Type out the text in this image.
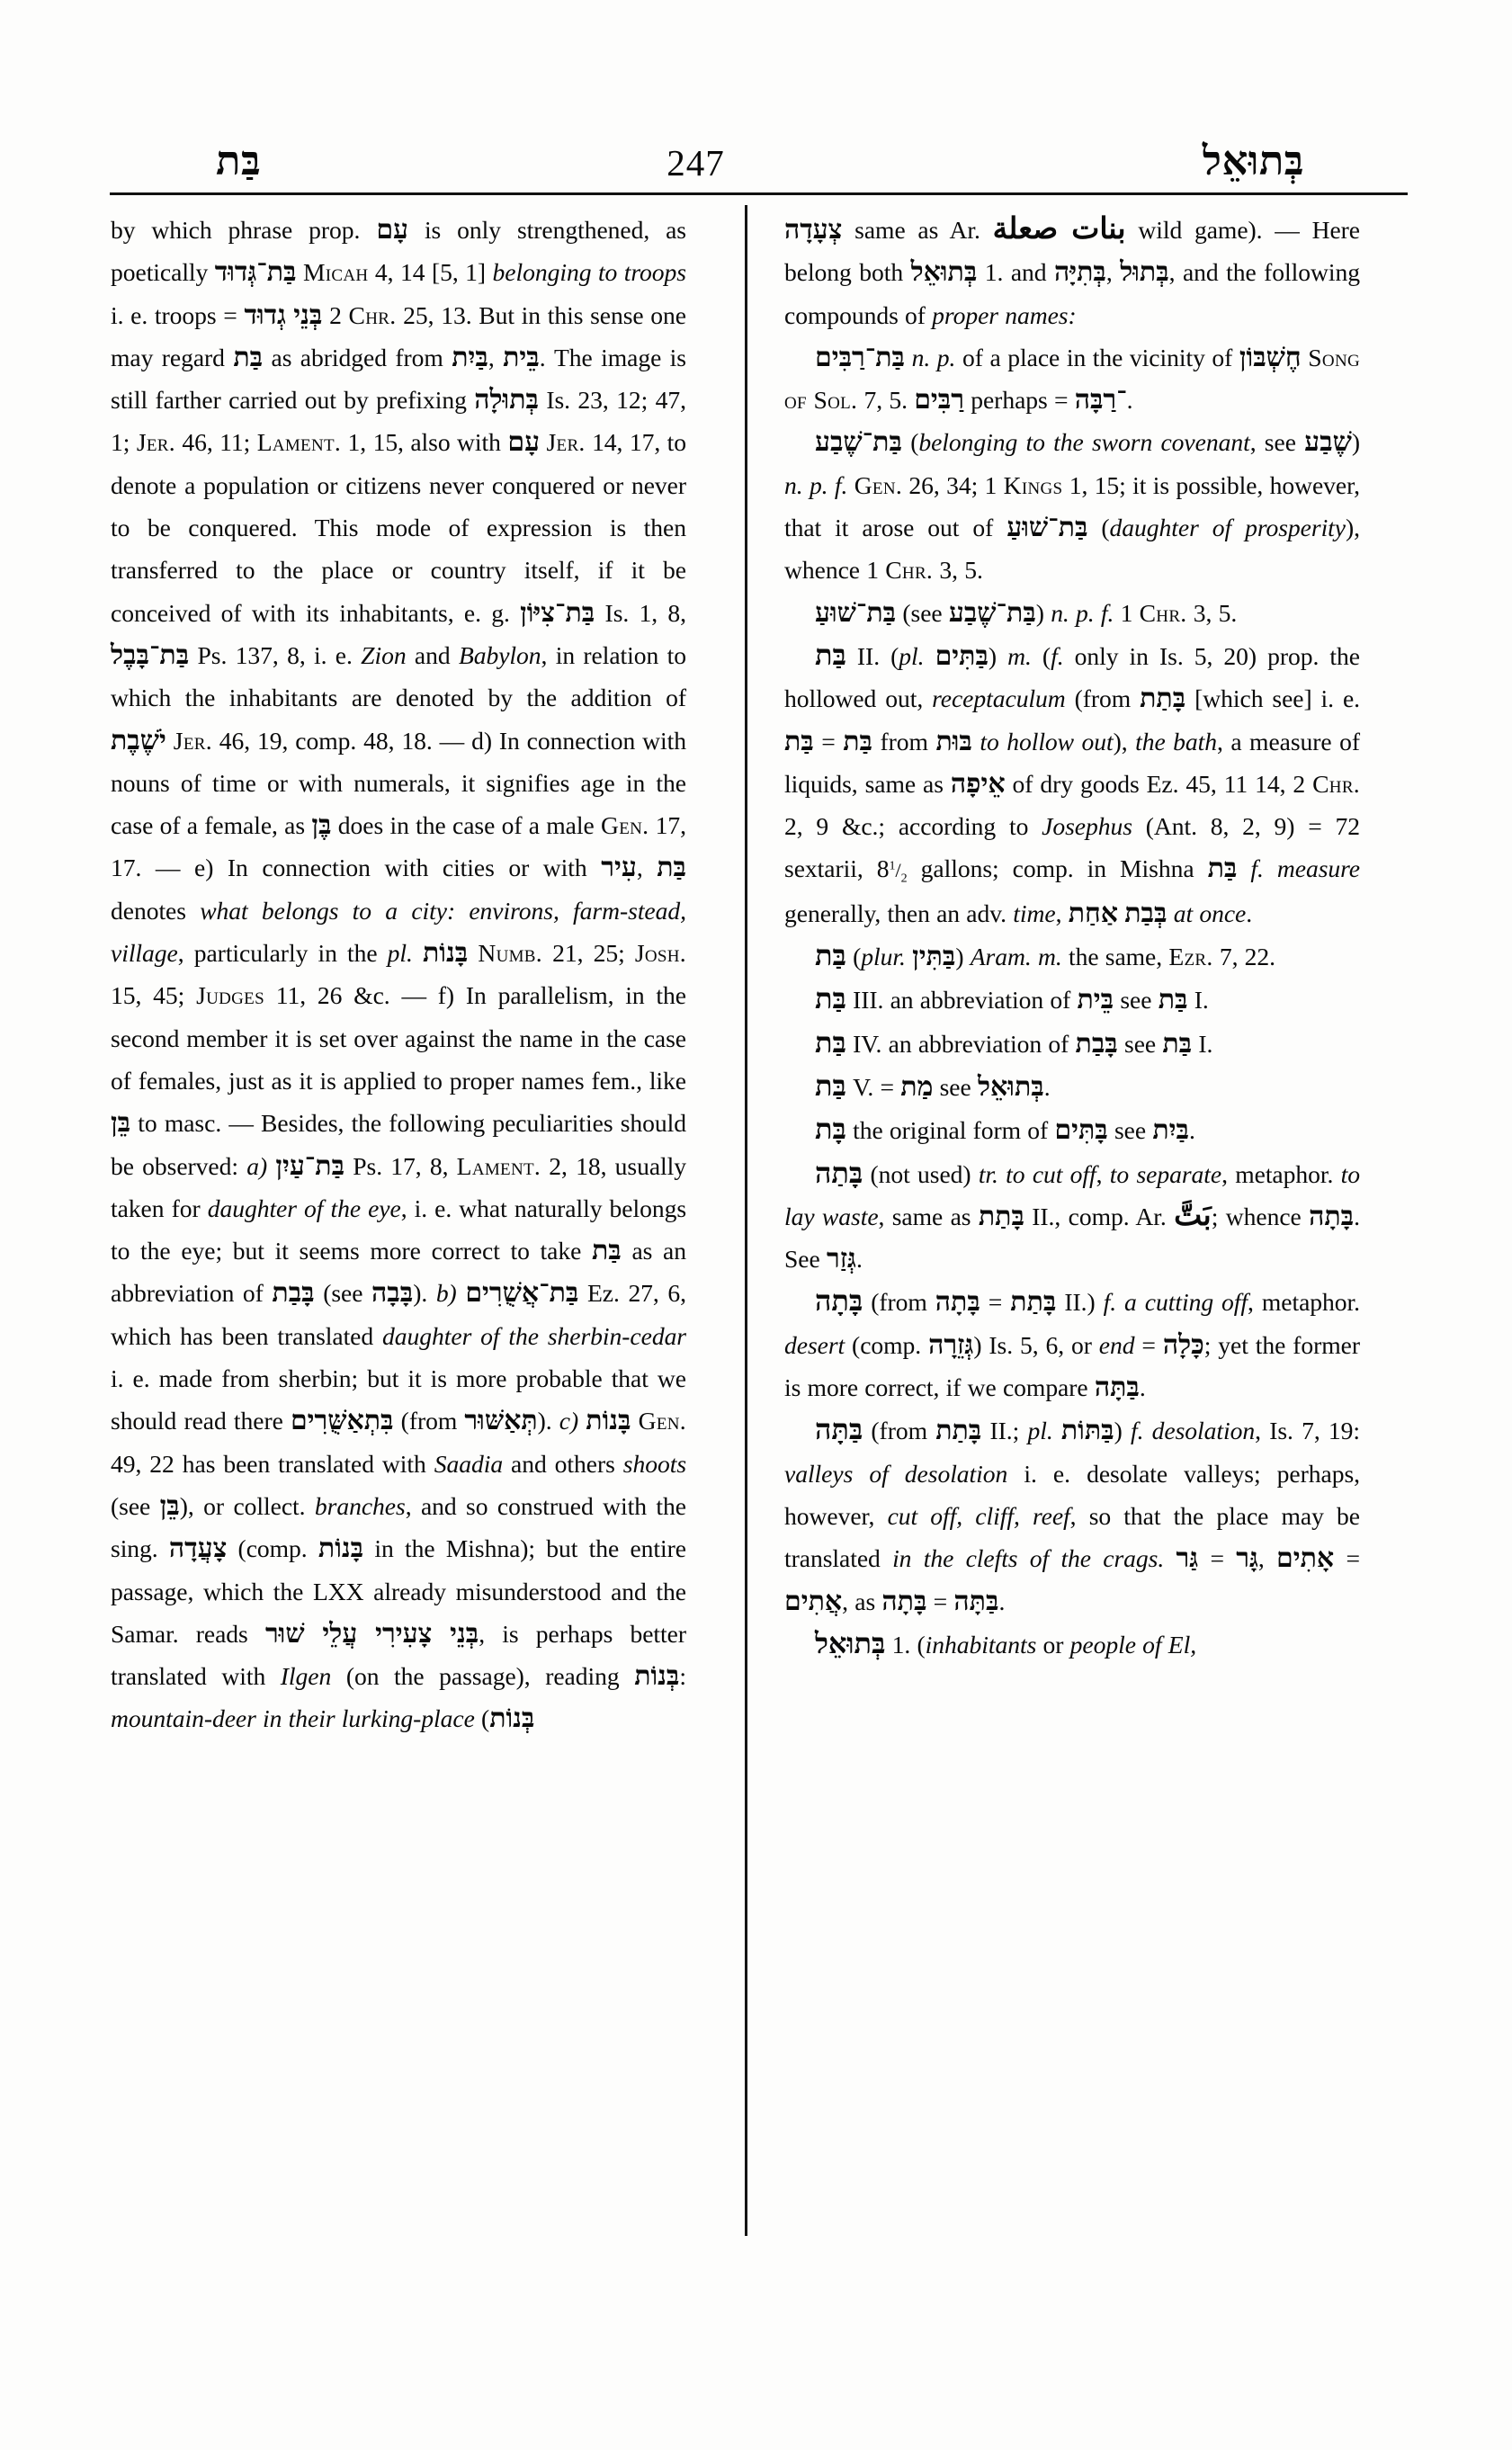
בַּת	247	בְּתוּאֵל

by which phrase prop. עָם is only strengthened, as poetically בַּת־גְּדוּד Micah 4, 14 [5, 1] belonging to troops i. e. troops = בְּנֵי גְדוּד 2 Chr. 25, 13. But in this sense one may regard בַּת as abridged from בַּיִת, בֵּית. The image is still farther carried out by prefixing בְּתוּלָה Is. 23, 12; 47, 1; Jer. 46, 11; Lament. 1, 15, also with עָם Jer. 14, 17, to denote a population or citizens never conquered or never to be conquered. This mode of expression is then transferred to the place or country itself, if it be conceived of with its inhabitants, e. g. בַּת־צִיּוֹן Is. 1, 8, בַּת־בָּבֶל Ps. 137, 8, i. e. Zion and Babylon, in relation to which the inhabitants are denoted by the addition of יֹשֶׁבֶת Jer. 46, 19, comp. 48, 18. — d) In connection with nouns of time or with numerals, it signifies age in the case of a female, as בֶּן does in the case of a male Gen. 17, 17. — e) In connection with cities or with עִיר, בַּת denotes what belongs to a city: environs, farm-stead, village, particularly in the pl. בָּנוֹת Numb. 21, 25; Josh. 15, 45; Judges 11, 26 &c. — f) In parallelism, in the second member it is set over against the name in the case of females, just as it is applied to proper names fem., like בֵּן to masc. — Besides, the following peculiarities should be observed: a) בַּת־עַיִן Ps. 17, 8, Lament. 2, 18, usually taken for daughter of the eye, i. e. what naturally belongs to the eye; but it seems more correct to take בַּת as an abbreviation of בָּבַת (see בָּבָה). b) בַּת־אֲשֻׁרִים Ez. 27, 6, which has been translated daughter of the sherbin-cedar i. e. made from sherbin; but it is more probable that we should read there בִּתְאַשֻּׁרִים (from תְּאַשּׁוּר). c) בָּנוֹת Gen. 49, 22 has been translated with Saadia and others shoots (see בֵּן), or collect. branches, and so construed with the sing. צָעֲדָה (comp. בָּנוֹת in the Mishna); but the entire passage, which the LXX already misunderstood and the Samar. reads בְּנֵי צָעִירִי עֲלֵי שׁוּר, is perhaps better translated with Ilgen (on the passage), reading בְּנוֹת: mountain-deer in their lurking-place (בְּנוֹת

צְעָדָה same as Ar. بنات صعلة wild game). — Here belong both בְּתוּאֵל 1. and בְּתִיָּה, בְּתוּל, and the following compounds of proper names:

בַּת־רַבִּים n. p. of a place in the vicinity of חֶשְׁבּוֹן Song of Sol. 7, 5. רַבִּים perhaps = ־רַבָּה.

בַּת־שֶׁבַע (belonging to the sworn covenant, see שֶׁבַע) n. p. f. Gen. 26, 34; 1 Kings 1, 15; it is possible, however, that it arose out of בַּת־שׁוּעַ (daughter of prosperity), whence 1 Chr. 3, 5.

בַּת־שׁוּעַ (see בַּת־שֶׁבַע) n. p. f. 1 Chr. 3, 5.

בַּת II. (pl. בַּתִּים) m. (f. only in Is. 5, 20) prop. the hollowed out, receptaculum (from בָּתַת [which see] i. e. בַּת = בַּת from בּוּת to hollow out), the bath, a measure of liquids, same as אֵיפָה of dry goods Ez. 45, 11 14, 2 Chr. 2, 9 &c.; according to Josephus (Ant. 8, 2, 9) = 72 sextarii, $8^1/_2$ gallons; comp. in Mishna בַּת f. measure generally, then an adv. time, אַחַת בְּבַת at once.

בַּת (plur. בַּתִּין) Aram. m. the same, Ezr. 7, 22.

בַּת III. an abbreviation of בֵּית see בַּת I.

בַּת IV. an abbreviation of בָּבַת see בַּת I.

בַּת V. = מַת see בְּתוּאֵל.

בָּת the original form of בָּתִּים see בַּיִת.

בָּתַה (not used) tr. to cut off, to separate, metaphor. to lay waste, same as בָּתַת II., comp. Ar. بَتَّ; whence בָּתָה. See גְּזַר.

בָּתָה (from בָּתָה = בָּתַת II.) f. a cutting off, metaphor. desert (comp. גְּזֵרָה) Is. 5, 6, or end = כָּלָה; yet the former is more correct, if we compare בַּתָּה.

בַּתָּה (from בָּתַת II.; pl. בַּתּוֹת) f. desolation, Is. 7, 19: valleys of desolation i. e. desolate valleys; perhaps, however, cut off, cliff, reef, so that the place may be translated in the clefts of the crags. גַּר = גָּר, אָתִים = אֲתִים, as בָּתָה = בַּתָּה.

בְּתוּאֵל 1. (inhabitants or people of El,
